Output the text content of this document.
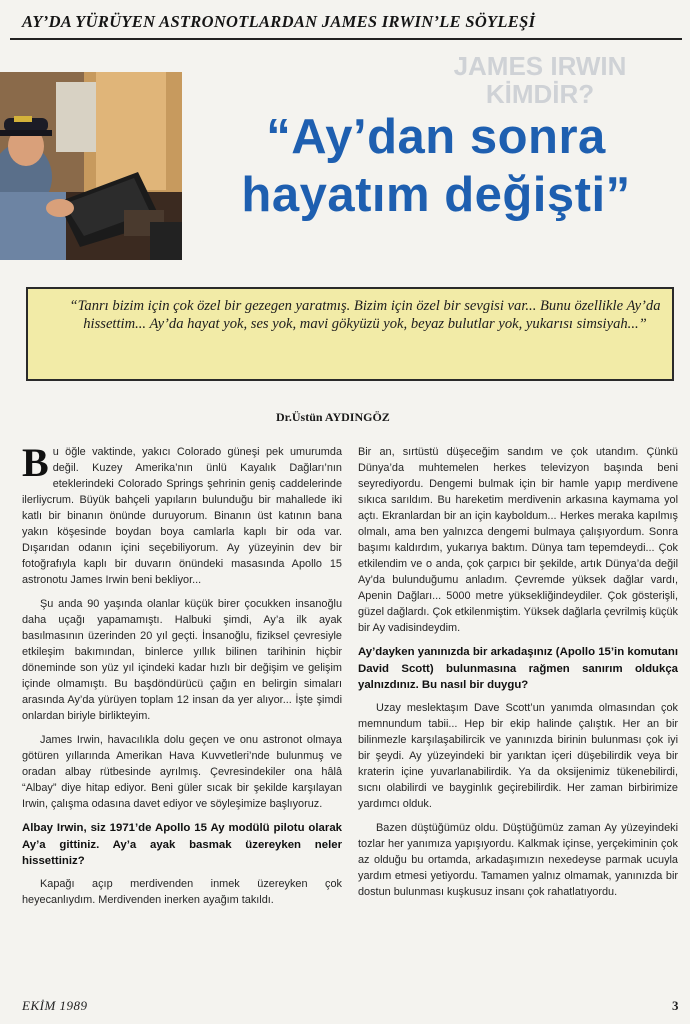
AY’DA YÜRÜYEN ASTRONOTLARDAN JAMES IRWIN’LE SÖYLEŞİ
JAMES IRWIN KİMDİR?
“Ay’dan sonra
hayatım değişti”
“Tanrı bizim için çok özel bir gezegen yaratmış. Bizim için özel bir sevgisi var... Bunu özellikle Ay’da hissettim... Ay’da hayat yok, ses yok, mavi gökyüzü yok, beyaz bulutlar yok, yukarısı simsiyah...”
Dr.Üstün AYDINGÖZ

Bu öğle vaktinde, yakıcı Colorado güneşi pek umurumda değil. Kuzey Amerika’nın ünlü Kayalık Dağları’nın eteklerindeki Colorado Springs şehrinin geniş caddelerinde ilerliycrum. Büyük bahçeli yapıların bulunduğu bir mahallede iki katlı bir binanın önünde duruyorum. Binanın üst katının bana yakın köşesinde boydan boya camlarla kaplı bir oda var. Dışarıdan odanın içini seçebiliyorum. Ay yüzeyinin dev bir fotoğrafıyla kaplı bir duvarın önündeki masasında Apollo 15 astronotu James Irwin beni bekliyor...

Şu anda 90 yaşında olanlar küçük birer çocukken insanoğlu daha uçağı yapamamıştı. Halbuki şimdi, Ay’a ilk ayak basılmasının üzerinden 20 yıl geçti. İnsanoğlu, fiziksel çevresiyle etkileşim bakımından, binlerce yıllık bilinen tarihinin hiçbir döneminde son yüz yıl içindeki kadar hızlı bir değişim ve gelişim içinde olmamıştı. Bu başdöndürücü çağın en belirgin simaları arasında Ay’da yürüyen toplam 12 insan da yer alıyor... İşte şimdi onlardan biriyle birlikteyim.

James Irwin, havacılıkla dolu geçen ve onu astronot olmaya götüren yıllarında Amerikan Hava Kuvvetleri’nde bulunmuş ve oradan albay rütbesinde ayrılmış. Çevresindekiler ona hâlâ “Albay” diye hitap ediyor. Beni güler sıcak bir şekilde karşılayan Irwin, çalışma odasına davet ediyor ve söyleşimize başlıyoruz.

Albay Irwin, siz 1971’de Apollo 15 Ay modülü pilotu olarak Ay’a gittiniz. Ay’a ayak basmak üzereyken neler hissettiniz?

Kapağı açıp merdivenden inmek üzereyken çok heyecanlıydım. Merdivenden inerken ayağım takıldı.

Bir an, sırtüstü düşeceğim sandım ve çok utandım. Çünkü Dünya’da muhtemelen herkes televizyon başında beni seyrediyordu. Dengemi bulmak için bir hamle yapıp merdivene sıkıca sarıldım. Bu hareketim merdivenin arkasına kaymama yol açtı. Ekranlardan bir an için kayboldum... Herkes meraka kapılmış olmalı, ama ben yalnızca dengemi bulmaya çalışıyordum. Sonra başımı kaldırdım, yukarıya baktım. Dünya tam tepemdeydi... Çok etkilendim ve o anda, çok çarpıcı bir şekilde, artık Dünya’da değil Ay’da bulunduğumu anladım. Çevremde yüksek dağlar vardı, Apenin Dağları... 5000 metre yüksekliğindeydiler. Çok gösterişli, güzel dağlardı. Çok etkilenmiştim. Yüksek dağlarla çevrilmiş küçük bir Ay vadisindeydim.

Ay’dayken yanınızda bir arkadaşınız (Apollo 15’in komutanı David Scott) bulunmasına rağmen sanırım oldukça yalnızdınız. Bu nasıl bir duygu?

Uzay meslektaşım Dave Scott’un yanımda olmasından çok memnundum tabii... Hep bir ekip halinde çalıştık. Her an bir bilinmezle karşılaşabilircik ve yanınızda birinin bulunması çok iyi bir şeydi. Ay yüzeyindeki bir yarıktan içeri düşebilirdik veya bir kraterin içine yuvarlanabilirdik. Ya da oksijenimiz tükenebilirdi, sıcnı olabilirdi ve bayginlık geçirebilirdik. Her zaman birbirimize yardımcı olduk.

Bazen düştüğümüz oldu. Düştüğümüz zaman Ay yüzeyindeki tozlar her yanımıza yapışıyordu. Kalkmak içinse, yerçekiminin çok az olduğu bu ortamda, arkadaşımızın nexedeyse parmak ucuyla yardım etmesi yetiyordu. Tamamen yalnız olmamak, yanınızda bir dostun bulunması kuşkusuz insanı çok rahatlatıyordu.

EKİM 1989	3
